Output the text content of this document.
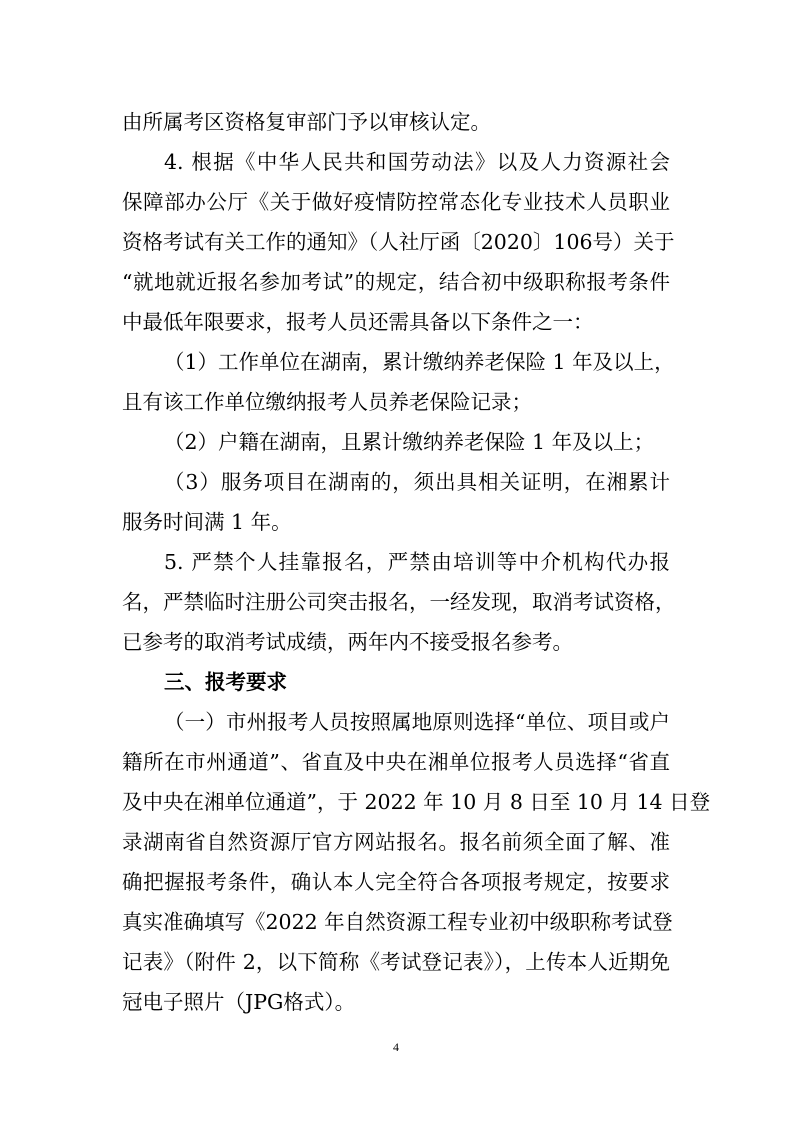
由所属考区资格复审部门予以审核认定。
4. 根据《中华人民共和国劳动法》以及人力资源社会
保障部办公厅《关于做好疫情防控常态化专业技术人员职业
资格考试有关工作的通知》（人社厅函〔2020〕106号）关于
“就地就近报名参加考试”的规定，结合初中级职称报考条件
中最低年限要求，报考人员还需具备以下条件之一：
（1）工作单位在湖南，累计缴纳养老保险 1 年及以上，
且有该工作单位缴纳报考人员养老保险记录；
（2）户籍在湖南，且累计缴纳养老保险 1 年及以上；
（3）服务项目在湖南的，须出具相关证明，在湘累计
服务时间满 1 年。
5. 严禁个人挂靠报名，严禁由培训等中介机构代办报
名，严禁临时注册公司突击报名，一经发现，取消考试资格，
已参考的取消考试成绩，两年内不接受报名参考。
三、报考要求
（一）市州报考人员按照属地原则选择“单位、项目或户
籍所在市州通道”、省直及中央在湘单位报考人员选择“省直
及中央在湘单位通道”，于 2022 年 10 月 8 日至 10 月 14 日登
录湖南省自然资源厅官方网站报名。报名前须全面了解、准
确把握报考条件，确认本人完全符合各项报考规定，按要求
真实准确填写《2022 年自然资源工程专业初中级职称考试登
记表》（附件 2，以下简称《考试登记表》），上传本人近期免
冠电子照片（JPG格式）。
4
